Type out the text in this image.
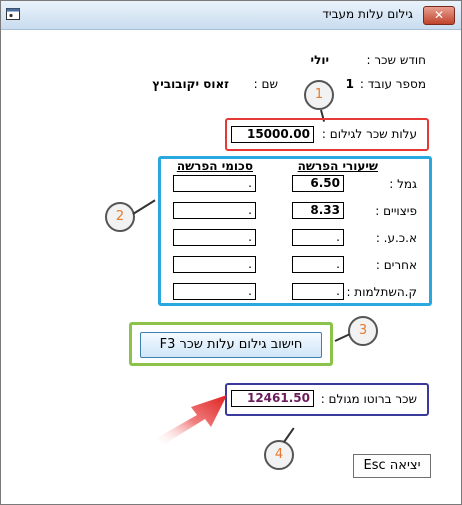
גילום עלות מעביד	✕
חודש שכר :
יולי
מספר עובד :
1
שם :
זאוס יקובוביץ
1
עלות שכר לגילום :
15000.00
שיעורי הפרשה
סכומי הפרשה
גמל :
6.50
.
פיצויים :
8.33
.
א.כ.ע. :
.
.
אחרים :
.
.
ק.השתלמות :
.
.
2
חישוב גילום עלות שכר F3
3
שכר ברוטו מגולם :
12461.50
4
יציאה Esc
